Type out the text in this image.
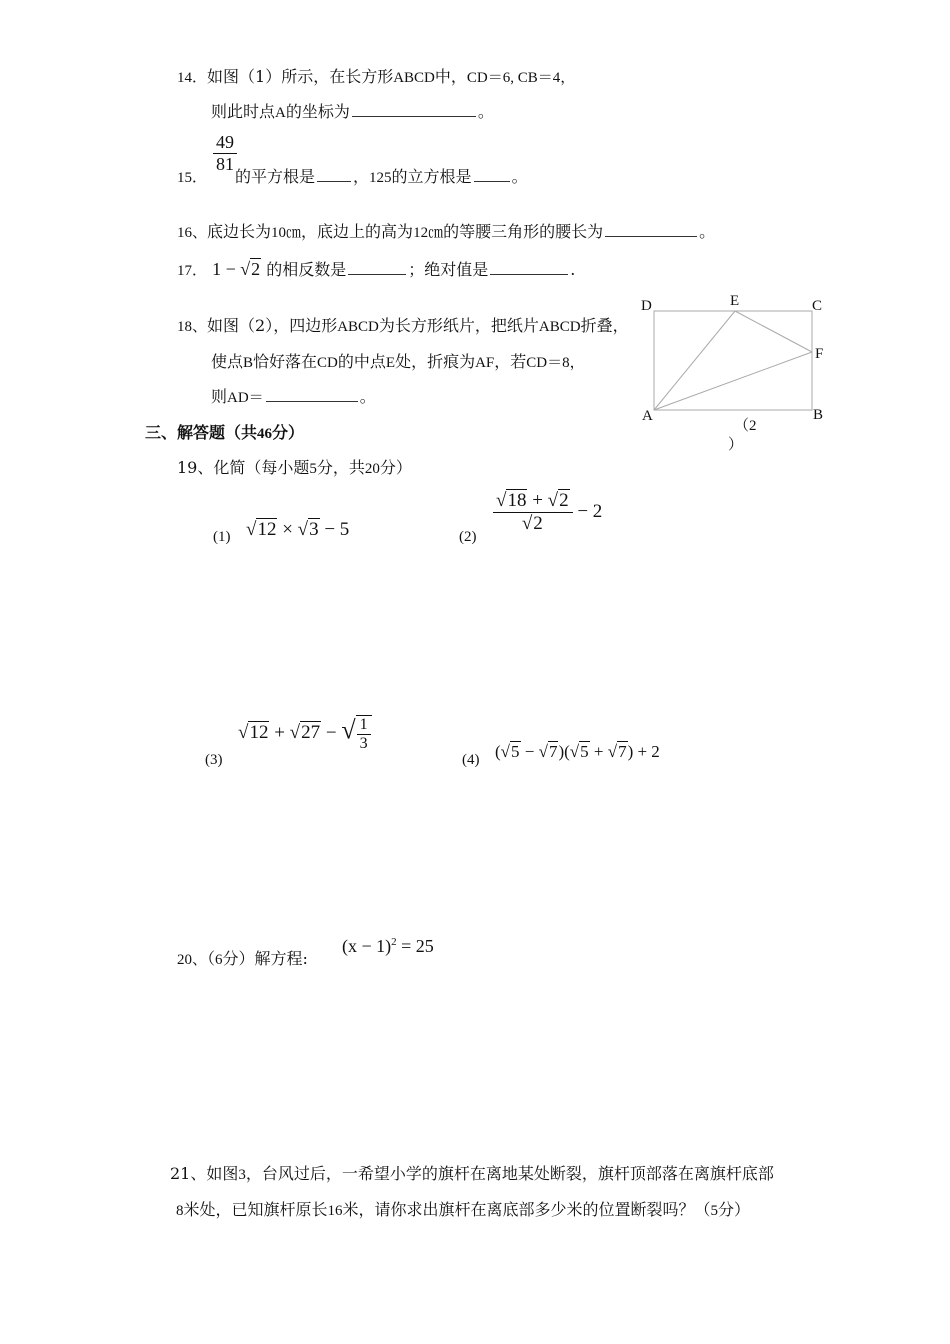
14．如图（1）所示，在长方形ABCD中，CD＝6, CB＝4，
则此时点A的坐标为	。
$\frac{49}{81}$
15． 的平方根是 ，125的立方根是	。
16、底边长为10㎝，底边上的高为12㎝的等腰三角形的腰长为	。
17． 1 − √2 的相反数是	；绝对值是	.
18、如图（2），四边形ABCD为长方形纸片，把纸片ABCD折叠，
使点B恰好落在CD的中点E处，折痕为AF，若CD＝8，
则AD＝	。
D	E	C
F
A	B
（2
）
三、解答题（共46分）
19、化简（每小题5分，共20分）
(1) √12 × √3 − 5	(2)
$\frac{√18 + √2}{√2} - 2$
(3)
√12 + √27 − √ $\frac{1}{3}$
(4) (√5 − √7)(√5 + √7) + 2
20、（6分）解方程:
$(x - 1)^2 = 25$
21、如图3，台风过后，一希望小学的旗杆在离地某处断裂，旗杆顶部落在离旗杆底部
8米处，已知旗杆原长16米，请你求出旗杆在离底部多少米的位置断裂吗？（5分）
